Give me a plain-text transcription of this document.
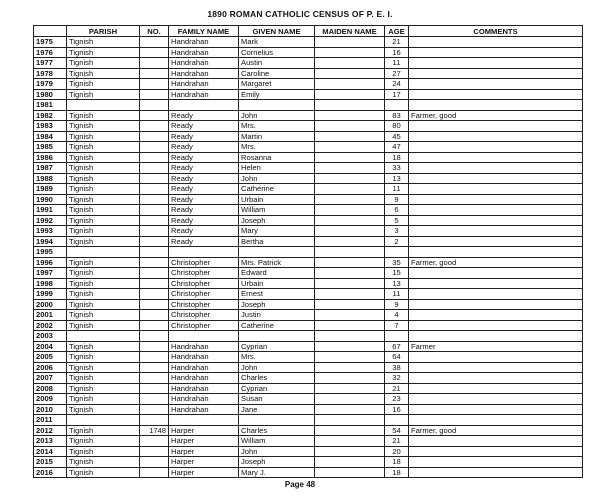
1890 ROMAN CATHOLIC CENSUS OF P. E. I.
	PARISH	NO.	FAMILY NAME	GIVEN NAME	MAIDEN NAME	AGE	COMMENTS
1975	Tignish		Handrahan	Mark		21	
1976	Tignish		Handrahan	Cornelius		16	
1977	Tignish		Handrahan	Austin		11	
1978	Tignish		Handrahan	Caroline		27	
1979	Tignish		Handrahan	Margaret		24	
1980	Tignish		Handrahan	Emily		17	
1981							
1982	Tignish		Ready	John		83	Farmer, good
1983	Tignish		Ready	Mrs.		80	
1984	Tignish		Ready	Martin		45	
1985	Tignish		Ready	Mrs.		47	
1986	Tignish		Ready	Rosanna		18	
1987	Tignish		Ready	Helen		33	
1988	Tignish		Ready	John		13	
1989	Tignish		Ready	Catherine		11	
1990	Tignish		Ready	Urbain		9	
1991	Tignish		Ready	William		6	
1992	Tignish		Ready	Joseph		5	
1993	Tignish		Ready	Mary		3	
1994	Tignish		Ready	Bertha		2	
1995							
1996	Tignish		Christopher	Mrs. Patrick		35	Farmer, good
1997	Tignish		Christopher	Edward		15	
1998	Tignish		Christopher	Urbain		13	
1999	Tignish		Christopher	Ernest		11	
2000	Tignish		Christopher	Joseph		9	
2001	Tignish		Christopher	Justin		4	
2002	Tignish		Christopher	Catherine		7	
2003							
2004	Tignish		Handrahan	Cyprian		67	Farmer
2005	Tignish		Handrahan	Mrs.		64	
2006	Tignish		Handrahan	John		38	
2007	Tignish		Handrahan	Charles		32	
2008	Tignish		Handrahan	Cyprian		21	
2009	Tignish		Handrahan	Susan		23	
2010	Tignish		Handrahan	Jane		16	
2011							
2012	Tignish	1748	Harper	Charles		54	Farmer, good
2013	Tignish		Harper	William		21	
2014	Tignish		Harper	John		20	
2015	Tignish		Harper	Joseph		18	
2016	Tignish		Harper	Mary J.		18	
Page 48
